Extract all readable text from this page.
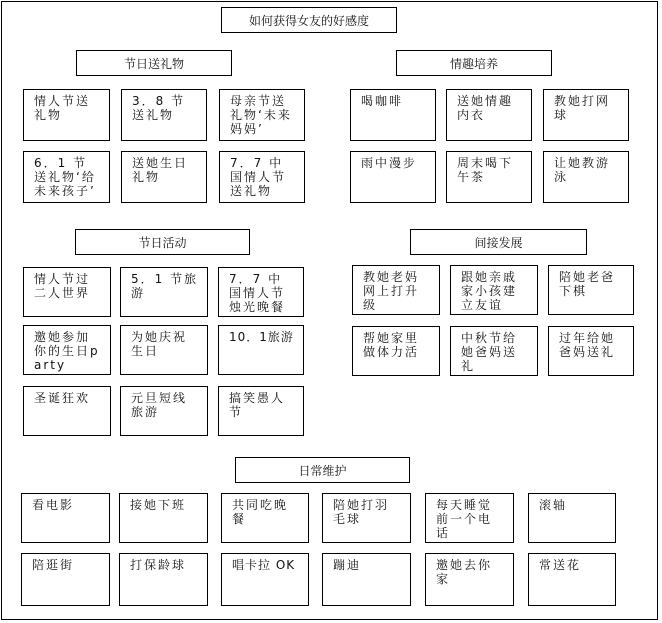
如何获得女友的好感度
节日送礼物
情人节送礼物
3．8 节送礼物
母亲节送礼物‘未来妈妈’
6．1 节送礼物‘给未来孩子’
送她生日礼物
7．7 中国情人节送礼物
情趣培养
喝咖啡	送她情趣内衣
教她打网球
雨中漫步	周末喝下午茶
让她教游泳
节日活动
情人节过二人世界
5．1 节旅游
7．7 中国情人节烛光晚餐
邀她参加你的生日party
为她庆祝生日
10．1旅游
圣诞狂欢	元旦短线旅游
搞笑愚人节
间接发展
教她老妈网上打升级
跟她亲戚家小孩建立友谊
陪她老爸下棋
帮她家里做体力活
中秋节给她爸妈送礼
过年给她爸妈送礼
日常维护
看电影	接她下班	共同吃晚餐
陪她打羽毛球
每天睡觉前一个电话
滚轴
陪逛街	打保龄球	唱卡拉 OK	蹦迪	邀她去你家
常送花
